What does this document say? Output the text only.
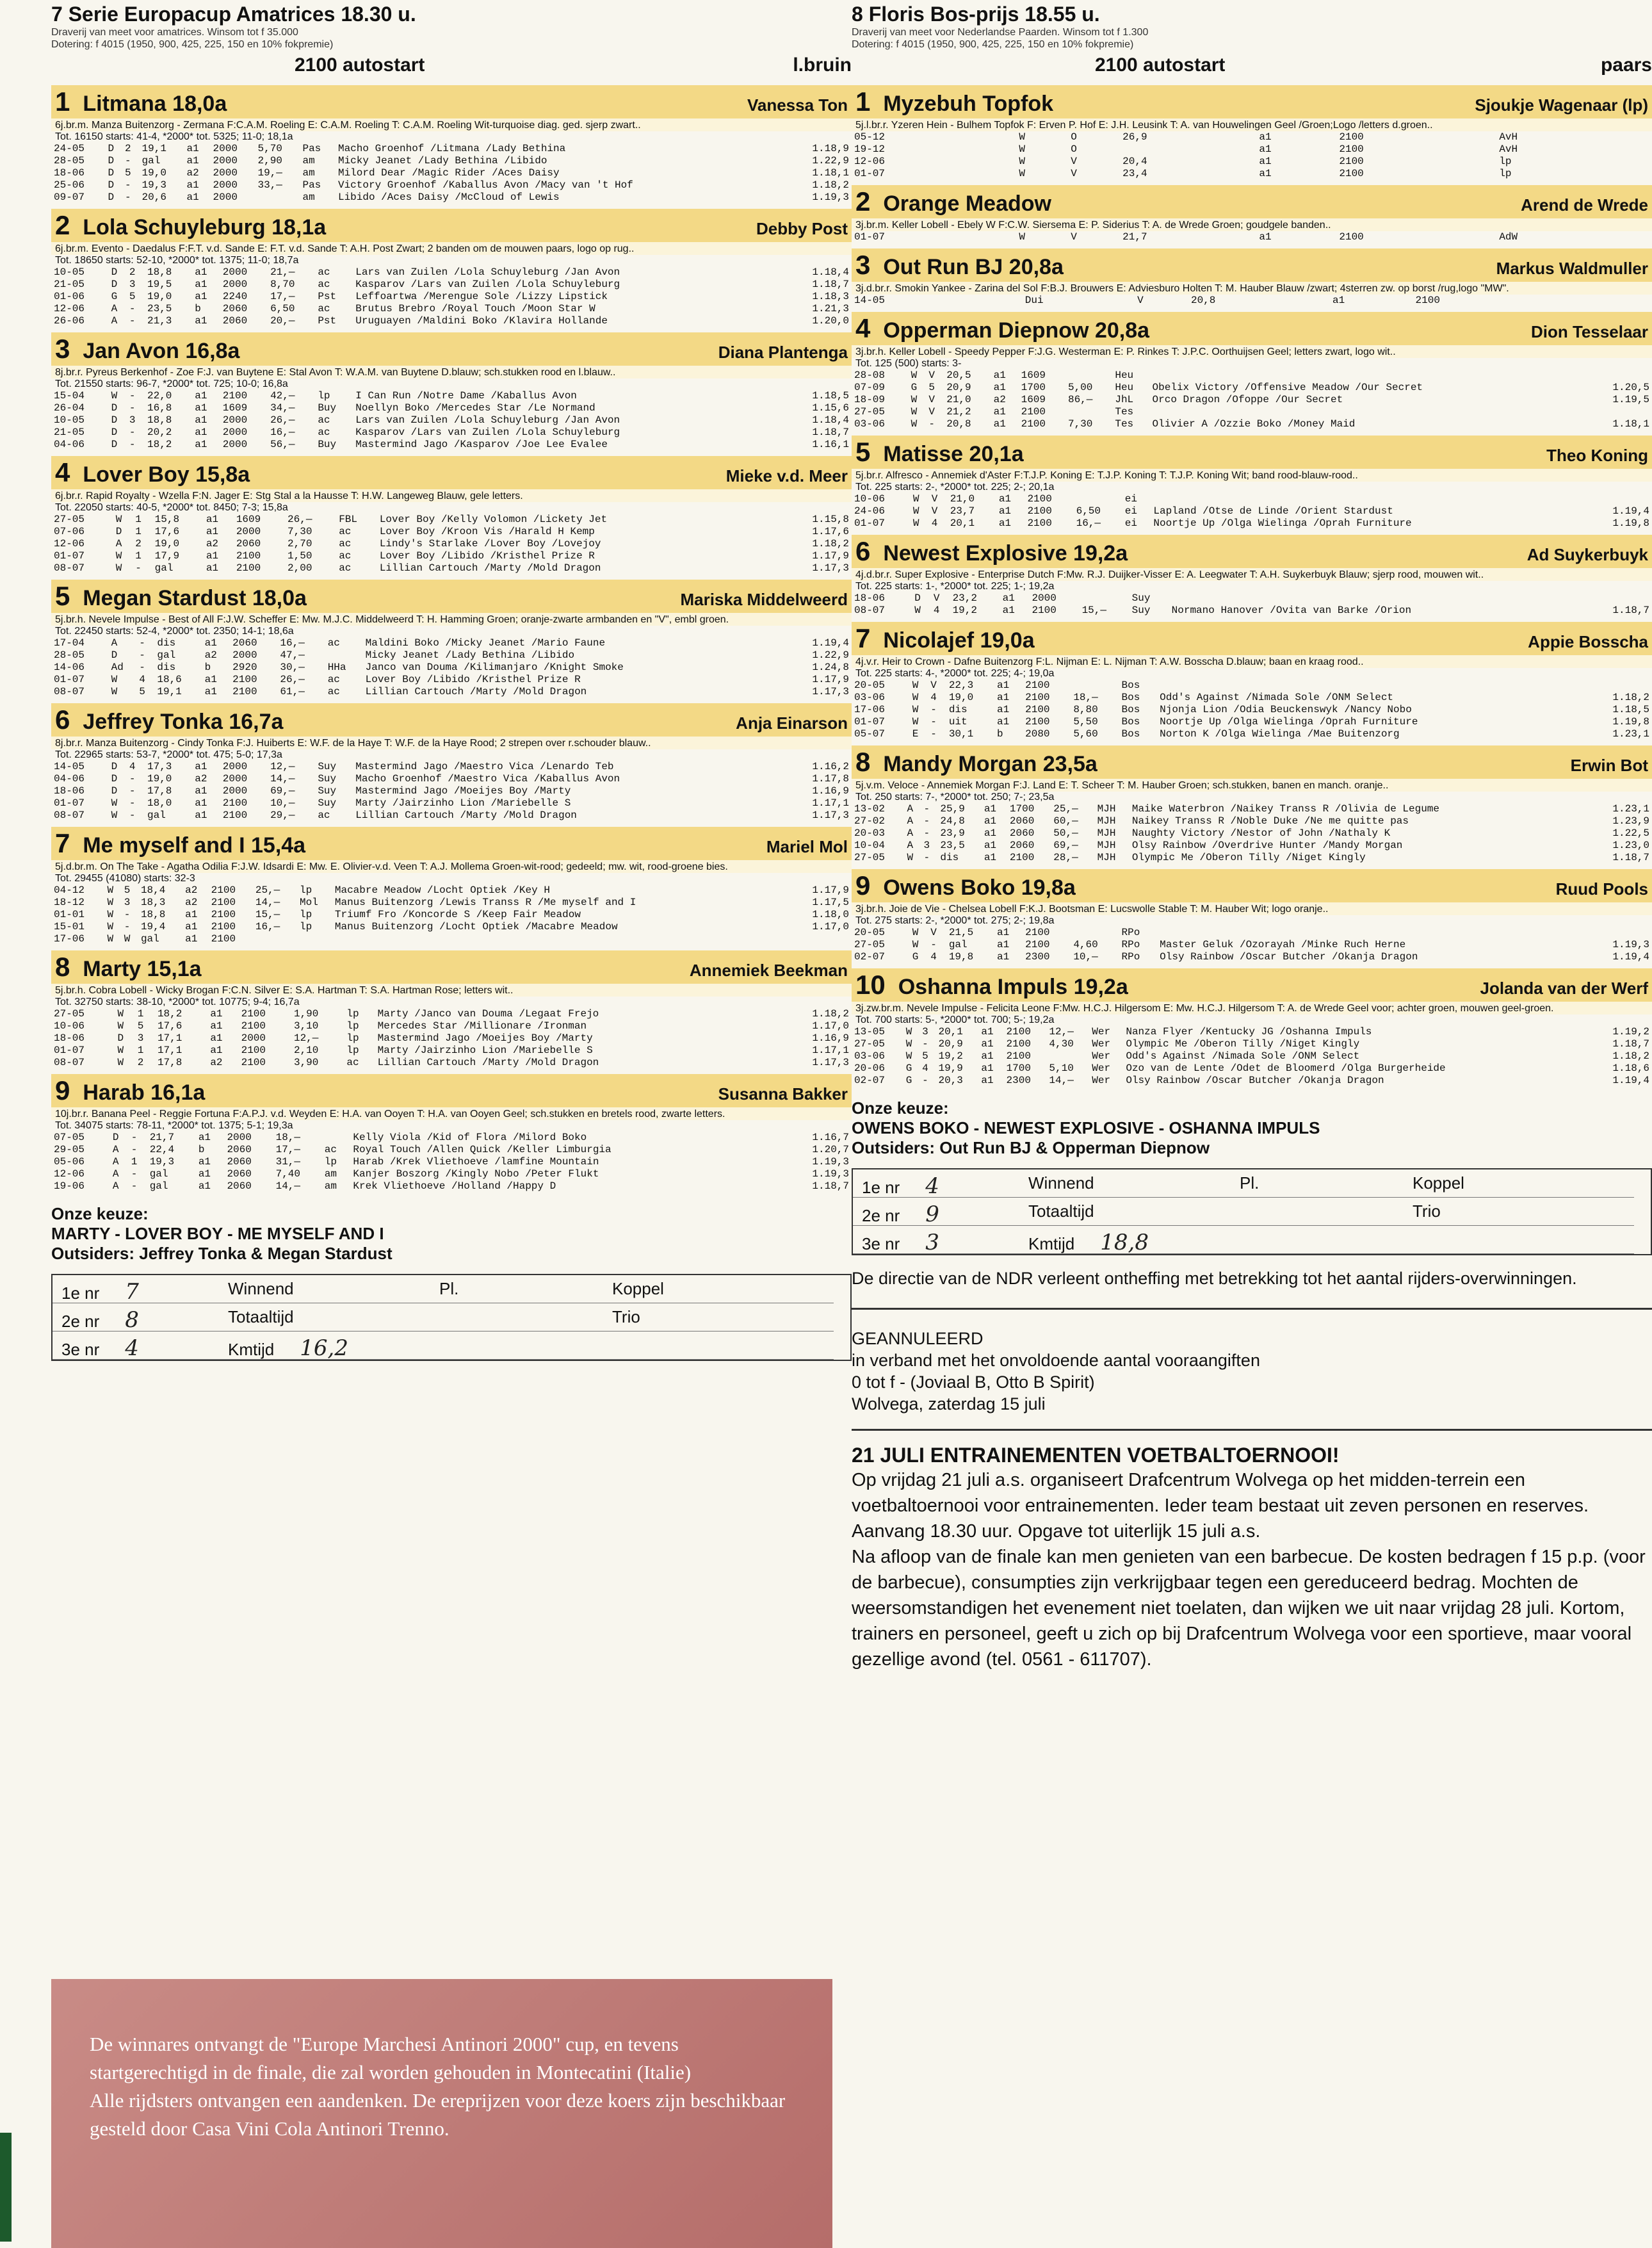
7 Serie Europacup Amatrices 18.30 u.
Draverij van meet voor amatrices. Winsom tot f 35.000
Dotering: f 4015 (1950, 900, 425, 225, 150 en 10% fokpremie)
2100 autostart	l.bruin
1 Litmana 18,0a	Vanessa Ton
6j.br.m. Manza Buitenzorg - Zermana F:C.A.M. Roeling E: C.A.M. Roeling T: C.A.M. Roeling Wit-turquoise diag. ged. sjerp zwart..
Tot. 16150 starts: 41-4, *2000* tot. 5325; 11-0; 18,1a
24-05	D	2	19,1	a1	2000	5,70	Pas	Macho Groenhof /Litmana /Lady Bethina	1.18,9
28-05	D	-	gal	a1	2000	2,90	am	Micky Jeanet /Lady Bethina /Libido	1.22,9
18-06	D	5	19,0	a2	2000	19,—	am	Milord Dear /Magic Rider /Aces Daisy	1.18,1
25-06	D	-	19,3	a1	2000	33,—	Pas	Victory Groenhof /Kaballus Avon /Macy van 't Hof	1.18,2
09-07	D	-	20,6	a1	2000		am	Libido /Aces Daisy /McCloud of Lewis	1.19,3
2 Lola Schuyleburg 18,1a	Debby Post
6j.br.m. Evento - Daedalus F:F.T. v.d. Sande E: F.T. v.d. Sande T: A.H. Post Zwart; 2 banden om de mouwen paars, logo op rug..
Tot. 18650 starts: 52-10, *2000* tot. 1375; 11-0; 18,7a
10-05	D	2	18,8	a1	2000	21,—	ac	Lars van Zuilen /Lola Schuyleburg /Jan Avon	1.18,4
21-05	D	3	19,5	a1	2000	8,70	ac	Kasparov /Lars van Zuilen /Lola Schuyleburg	1.18,7
01-06	G	5	19,0	a1	2240	17,—	Pst	Leffoartwa /Merengue Sole /Lizzy Lipstick	1.18,3
12-06	A	-	23,5	b	2060	6,50	ac	Brutus Brebro /Royal Touch /Moon Star W	1.21,3
26-06	A	-	21,3	a1	2060	20,—	Pst	Uruguayen /Maldini Boko /Klavira Hollande	1.20,0
3 Jan Avon 16,8a	Diana Plantenga
8j.br.r. Pyreus Berkenhof - Zoe F:J. van Buytene E: Stal Avon T: W.A.M. van Buytene D.blauw; sch.stukken rood en l.blauw..
Tot. 21550 starts: 96-7, *2000* tot. 725; 10-0; 16,8a
15-04	W	-	22,0	a1	2100	42,—	lp	I Can Run /Notre Dame /Kaballus Avon	1.18,5
26-04	D	-	16,8	a1	1609	34,—	Buy	Noellyn Boko /Mercedes Star /Le Normand	1.15,6
10-05	D	3	18,8	a1	2000	26,—	ac	Lars van Zuilen /Lola Schuyleburg /Jan Avon	1.18,4
21-05	D	-	20,2	a1	2000	16,—	ac	Kasparov /Lars van Zuilen /Lola Schuyleburg	1.18,7
04-06	D	-	18,2	a1	2000	56,—	Buy	Mastermind Jago /Kasparov /Joe Lee Evalee	1.16,1
4 Lover Boy 15,8a	Mieke v.d. Meer
6j.br.r. Rapid Royalty - Wzella F:N. Jager E: Stg Stal a la Hausse T: H.W. Langeweg Blauw, gele letters.
Tot. 22050 starts: 40-5, *2000* tot. 8450; 7-3; 15,8a
27-05	W	1	15,8	a1	1609	26,—	FBL	Lover Boy /Kelly Volomon /Lickety Jet	1.15,8
07-06	D	1	17,6	a1	2000	7,30	ac	Lover Boy /Kroon Vis /Harald H Kemp	1.17,6
12-06	A	2	19,0	a2	2060	2,70	ac	Lindy's Starlake /Lover Boy /Lovejoy	1.18,2
01-07	W	1	17,9	a1	2100	1,50	ac	Lover Boy /Libido /Kristhel Prize R	1.17,9
08-07	W	-	gal	a1	2100	2,00	ac	Lillian Cartouch /Marty /Mold Dragon	1.17,3
5 Megan Stardust 18,0a	Mariska Middelweerd
5j.br.h. Nevele Impulse - Best of All F:J.W. Scheffer E: Mw. M.J.C. Middelweerd T: H. Hamming Groen; oranje-zwarte armbanden en "V", embl groen.
Tot. 22450 starts: 52-4, *2000* tot. 2350; 14-1; 18,6a
17-04	A	-	dis	a1	2060	16,—	ac	Maldini Boko /Micky Jeanet /Mario Faune	1.19,4
28-05	D	-	gal	a2	2000	47,—		Micky Jeanet /Lady Bethina /Libido	1.22,9
14-06	Ad	-	dis	b	2920	30,—	HHa	Janco van Douma /Kilimanjaro /Knight Smoke	1.24,8
01-07	W	4	18,6	a1	2100	26,—	ac	Lover Boy /Libido /Kristhel Prize R	1.17,9
08-07	W	5	19,1	a1	2100	61,—	ac	Lillian Cartouch /Marty /Mold Dragon	1.17,3
6 Jeffrey Tonka 16,7a	Anja Einarson
8j.br.r. Manza Buitenzorg - Cindy Tonka F:J. Huiberts E: W.F. de la Haye T: W.F. de la Haye Rood; 2 strepen over r.schouder blauw..
Tot. 22965 starts: 53-7, *2000* tot. 475; 5-0; 17,3a
14-05	D	4	17,3	a1	2000	12,—	Suy	Mastermind Jago /Maestro Vica /Lenardo Teb	1.16,2
04-06	D	-	19,0	a2	2000	14,—	Suy	Macho Groenhof /Maestro Vica /Kaballus Avon	1.17,8
18-06	D	-	17,8	a1	2000	69,—	Suy	Mastermind Jago /Moeijes Boy /Marty	1.16,9
01-07	W	-	18,0	a1	2100	10,—	Suy	Marty /Jairzinho Lion /Mariebelle S	1.17,1
08-07	W	-	gal	a1	2100	29,—	ac	Lillian Cartouch /Marty /Mold Dragon	1.17,3
7 Me myself and I 15,4a	Mariel Mol
5j.d.br.m. On The Take - Agatha Odilia F:J.W. Idsardi E: Mw. E. Olivier-v.d. Veen T: A.J. Mollema Groen-wit-rood; gedeeld; mw. wit, rood-groene bies.
Tot. 29455 (41080) starts: 32-3
04-12	W	5	18,4	a2	2100	25,—	lp	Macabre Meadow /Locht Optiek /Key H	1.17,9
18-12	W	3	18,3	a2	2100	14,—	Mol	Manus Buitenzorg /Lewis Transs R /Me myself and I	1.17,5
01-01	W	-	18,8	a1	2100	15,—	lp	Triumf Fro /Koncorde S /Keep Fair Meadow	1.18,0
15-01	W	-	19,4	a1	2100	16,—	lp	Manus Buitenzorg /Locht Optiek /Macabre Meadow	1.17,0
17-06	W	W	gal	a1	2100				
8 Marty 15,1a	Annemiek Beekman
5j.br.h. Cobra Lobell - Wicky Brogan F:C.N. Silver E: S.A. Hartman T: S.A. Hartman Rose; letters wit..
Tot. 32750 starts: 38-10, *2000* tot. 10775; 9-4; 16,7a
27-05	W	1	18,2	a1	2100	1,90	lp	Marty /Janco van Douma /Legaat Frejo	1.18,2
10-06	W	5	17,6	a1	2100	3,10	lp	Mercedes Star /Millionare /Ironman	1.17,0
18-06	D	3	17,1	a1	2000	12,—	lp	Mastermind Jago /Moeijes Boy /Marty	1.16,9
01-07	W	1	17,1	a1	2100	2,10	lp	Marty /Jairzinho Lion /Mariebelle S	1.17,1
08-07	W	2	17,8	a2	2100	3,90	ac	Lillian Cartouch /Marty /Mold Dragon	1.17,3
9 Harab 16,1a	Susanna Bakker
10j.br.r. Banana Peel - Reggie Fortuna F:A.P.J. v.d. Weyden E: H.A. van Ooyen T: H.A. van Ooyen Geel; sch.stukken en bretels rood, zwarte letters.
Tot. 34075 starts: 78-11, *2000* tot. 1375; 5-1; 19,3a
07-05	D	-	21,7	a1	2000	18,—		Kelly Viola /Kid of Flora /Milord Boko	1.16,7
29-05	A	-	22,4	b	2060	17,—	ac	Royal Touch /Allen Quick /Keller Limburgia	1.20,7
05-06	A	1	19,3	a1	2060	31,—	lp	Harab /Krek Vliethoeve /lamfine Mountain	1.19,3
12-06	A	-	gal	a1	2060	7,40	am	Kanjer Boszorg /Kingly Nobo /Peter Flukt	1.19,3
19-06	A	-	gal	a1	2060	14,—	am	Krek Vliethoeve /Holland /Happy D	1.18,7
Onze keuze:
MARTY - LOVER BOY - ME MYSELF AND I
Outsiders: Jeffrey Tonka & Megan Stardust
1e nr 7	Winnend	Pl.	Koppel
2e nr 8	Totaaltijd	Trio
3e nr 4	Kmtijd 16,2
De winnares ontvangt de "Europe Marchesi Antinori 2000" cup, en tevens startgerechtigd in de finale, die zal worden gehouden in Montecatini (Italie)
Alle rijdsters ontvangen een aandenken. De ereprijzen voor deze koers zijn beschikbaar gesteld door Casa Vini Cola Antinori Trenno.
8 Floris Bos-prijs 18.55 u.
Draverij van meet voor Nederlandse Paarden. Winsom tot f 1.300
Dotering: f 4015 (1950, 900, 425, 225, 150 en 10% fokpremie)
2100 autostart	paars
1 Myzebuh Topfok	Sjoukje Wagenaar (lp)
5j.l.br.r. Yzeren Hein - Bulhem Topfok F: Erven P. Hof E: J.H. Leusink T: A. van Houwelingen Geel /Groen;Logo /letters d.groen..
05-12	W	O	26,9	a1	2100		AvH		
19-12	W	O		a1	2100		AvH		
12-06	W	V	20,4	a1	2100		lp		
01-07	W	V	23,4	a1	2100		lp		
2 Orange Meadow	Arend de Wrede
3j.br.m. Keller Lobell - Ebely W F:C.W. Siersema E: P. Siderius T: A. de Wrede Groen; goudgele banden..
01-07	W	V	21,7	a1	2100		AdW		
3 Out Run BJ 20,8a	Markus Waldmuller
3j.d.br.r. Smokin Yankee - Zarina del Sol F:B.J. Brouwers E: Adviesburo Holten T: M. Hauber Blauw /zwart; 4sterren zw. op borst /rug,logo "MW".
14-05	Dui	V	20,8	a1	2100				
4 Opperman Diepnow 20,8a	Dion Tesselaar
3j.br.h. Keller Lobell - Speedy Pepper F:J.G. Westerman E: P. Rinkes T: J.P.C. Oorthuijsen Geel; letters zwart, logo wit..
Tot. 125 (500) starts: 3-
28-08	W	V	20,5	a1	1609		Heu		
07-09	G	5	20,9	a1	1700	5,00	Heu	Obelix Victory /Offensive Meadow /Our Secret	1.20,5
18-09	W	V	21,0	a2	1609	86,—	JhL	Orco Dragon /Ofoppe /Our Secret	1.19,5
27-05	W	V	21,2	a1	2100		Tes		
03-06	W	-	20,8	a1	2100	7,30	Tes	Olivier A /Ozzie Boko /Money Maid	1.18,1
5 Matisse 20,1a	Theo Koning
5j.br.r. Alfresco - Annemiek d'Aster F:T.J.P. Koning E: T.J.P. Koning T: T.J.P. Koning Wit; band rood-blauw-rood..
Tot. 225 starts: 2-, *2000* tot. 225; 2-; 20,1a
10-06	W	V	21,0	a1	2100		ei		
24-06	W	V	23,7	a1	2100	6,50	ei	Lapland /Otse de Linde /Orient Stardust	1.19,4
01-07	W	4	20,1	a1	2100	16,—	ei	Noortje Up /Olga Wielinga /Oprah Furniture	1.19,8
6 Newest Explosive 19,2a	Ad Suykerbuyk
4j.d.br.r. Super Explosive - Enterprise Dutch F:Mw. R.J. Duijker-Visser E: A. Leegwater T: A.H. Suykerbuyk Blauw; sjerp rood, mouwen wit..
Tot. 225 starts: 1-, *2000* tot. 225; 1-; 19,2a
18-06	D	V	23,2	a1	2000		Suy		
08-07	W	4	19,2	a1	2100	15,—	Suy	Normano Hanover /Ovita van Barke /Orion	1.18,7
7 Nicolajef 19,0a	Appie Bosscha
4j.v.r. Heir to Crown - Dafne Buitenzorg F:L. Nijman E: L. Nijman T: A.W. Bosscha D.blauw; baan en kraag rood..
Tot. 225 starts: 4-, *2000* tot. 225; 4-; 19,0a
20-05	W	V	22,3	a1	2100		Bos		
03-06	W	4	19,0	a1	2100	18,—	Bos	Odd's Against /Nimada Sole /ONM Select	1.18,2
17-06	W	-	dis	a1	2100	8,80	Bos	Njonja Lion /Odia Beuckenswyk /Nancy Nobo	1.18,5
01-07	W	-	uit	a1	2100	5,50	Bos	Noortje Up /Olga Wielinga /Oprah Furniture	1.19,8
05-07	E	-	30,1	b	2080	5,60	Bos	Norton K /Olga Wielinga /Mae Buitenzorg	1.23,1
8 Mandy Morgan 23,5a	Erwin Bot
5j.v.m. Veloce - Annemiek Morgan F:J. Land E: T. Scheer T: M. Hauber Groen; sch.stukken, banen en manch. oranje..
Tot. 250 starts: 7-, *2000* tot. 250; 7-; 23,5a
13-02	A	-	25,9	a1	1700	25,—	MJH	Maike Waterbron /Naikey Transs R /Olivia de Legume	1.23,1
27-02	A	-	24,8	a1	2060	60,—	MJH	Naikey Transs R /Noble Duke /Ne me quitte pas	1.23,9
20-03	A	-	23,9	a1	2060	50,—	MJH	Naughty Victory /Nestor of John /Nathaly K	1.22,5
10-04	A	3	23,5	a1	2060	69,—	MJH	Olsy Rainbow /Overdrive Hunter /Mandy Morgan	1.23,0
27-05	W	-	dis	a1	2100	28,—	MJH	Olympic Me /Oberon Tilly /Niget Kingly	1.18,7
9 Owens Boko 19,8a	Ruud Pools
3j.br.h. Joie de Vie - Chelsea Lobell F:K.J. Bootsman E: Lucswolle Stable T: M. Hauber Wit; logo oranje..
Tot. 275 starts: 2-, *2000* tot. 275; 2-; 19,8a
20-05	W	V	21,5	a1	2100		RPo		
27-05	W	-	gal	a1	2100	4,60	RPo	Master Geluk /Ozorayah /Minke Ruch Herne	1.19,3
02-07	G	4	19,8	a1	2300	10,—	RPo	Olsy Rainbow /Oscar Butcher /Okanja Dragon	1.19,4
10 Oshanna Impuls 19,2a	Jolanda van der Werf
3j.zw.br.m. Nevele Impulse - Felicita Leone F:Mw. H.C.J. Hilgersom E: Mw. H.C.J. Hilgersom T: A. de Wrede Geel voor; achter groen, mouwen geel-groen.
Tot. 700 starts: 5-, *2000* tot. 700; 5-; 19,2a
13-05	W	3	20,1	a1	2100	12,—	Wer	Nanza Flyer /Kentucky JG /Oshanna Impuls	1.19,2
27-05	W	-	20,9	a1	2100	4,30	Wer	Olympic Me /Oberon Tilly /Niget Kingly	1.18,7
03-06	W	5	19,2	a1	2100		Wer	Odd's Against /Nimada Sole /ONM Select	1.18,2
20-06	G	4	19,9	a1	1700	5,10	Wer	Ozo van de Lente /Odet de Bloomerd /Olga Burgerheide	1.18,6
02-07	G	-	20,3	a1	2300	14,—	Wer	Olsy Rainbow /Oscar Butcher /Okanja Dragon	1.19,4
Onze keuze:
OWENS BOKO - NEWEST EXPLOSIVE - OSHANNA IMPULS
Outsiders: Out Run BJ & Opperman Diepnow
1e nr 4	Winnend	Pl.	Koppel
2e nr 9	Totaaltijd	Trio
3e nr 3	Kmtijd 18,8
De directie van de NDR verleent ontheffing met betrekking tot het aantal rijders-overwinningen.
GEANNULEERD
in verband met het onvoldoende aantal vooraangiften
0 tot f - (Joviaal B, Otto B Spirit)
Wolvega, zaterdag 15 juli
21 JULI ENTRAINEMENTEN VOETBALTOERNOOI!
Op vrijdag 21 juli a.s. organiseert Drafcentrum Wolvega op het midden-terrein een voetbaltoernooi voor entrainementen. Ieder team bestaat uit zeven personen en reserves. Aanvang 18.30 uur. Opgave tot uiterlijk 15 juli a.s.
Na afloop van de finale kan men genieten van een barbecue. De kosten bedragen f 15 p.p. (voor de barbecue), consumpties zijn verkrijgbaar tegen een gereduceerd bedrag. Mochten de weersomstandigen het evenement niet toelaten, dan wijken we uit naar vrijdag 28 juli. Kortom, trainers en personeel, geeft u zich op bij Drafcentrum Wolvega voor een sportieve, maar vooral gezellige avond (tel. 0561 - 611707).
